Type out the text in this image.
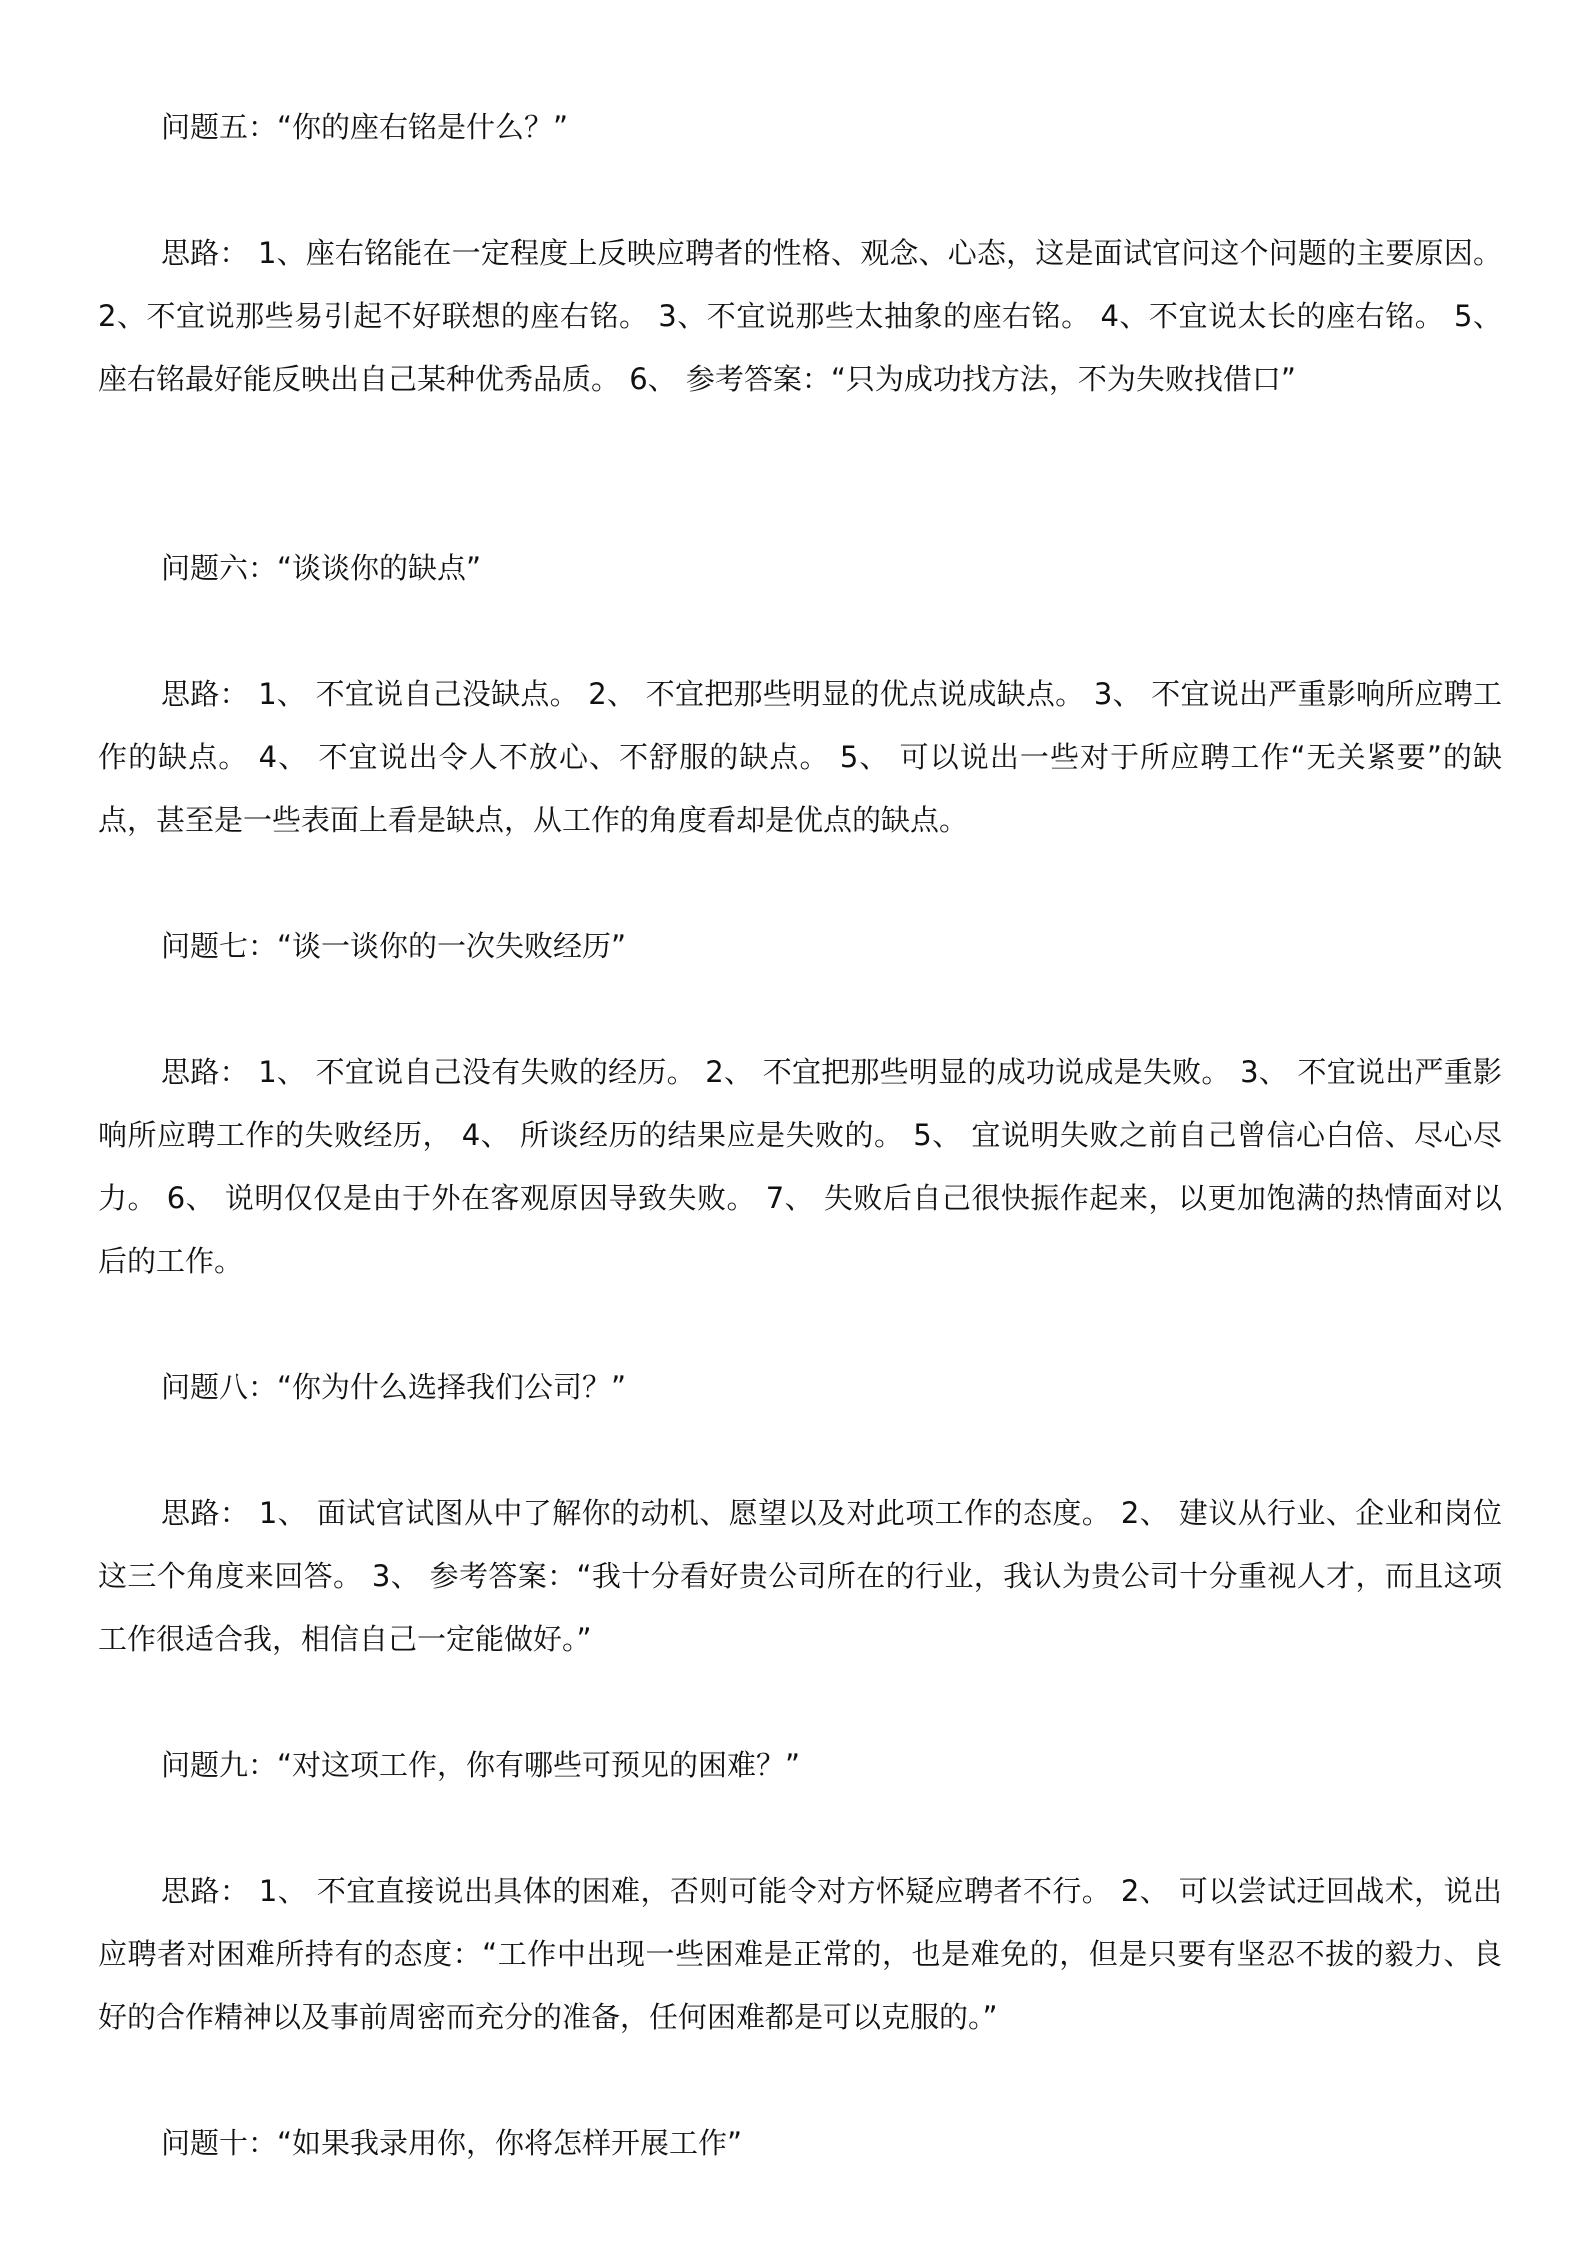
问题五：“你的座右铭是什么？”

思路： 1、座右铭能在一定程度上反映应聘者的性格、观念、心态，这是面试官问这个问题的主要原因。 2、不宜说那些易引起不好联想的座右铭。 3、不宜说那些太抽象的座右铭。 4、不宜说太长的座右铭。 5、座右铭最好能反映出自己某种优秀品质。 6、 参考答案：“只为成功找方法，不为失败找借口”

问题六：“谈谈你的缺点”

思路： 1、 不宜说自己没缺点。 2、 不宜把那些明显的优点说成缺点。 3、 不宜说出严重影响所应聘工作的缺点。 4、 不宜说出令人不放心、不舒服的缺点。 5、 可以说出一些对于所应聘工作“无关紧要”的缺点，甚至是一些表面上看是缺点，从工作的角度看却是优点的缺点。

问题七：“谈一谈你的一次失败经历”

思路： 1、 不宜说自己没有失败的经历。 2、 不宜把那些明显的成功说成是失败。 3、 不宜说出严重影响所应聘工作的失败经历， 4、 所谈经历的结果应是失败的。 5、 宜说明失败之前自己曾信心白倍、尽心尽力。 6、 说明仅仅是由于外在客观原因导致失败。 7、 失败后自己很快振作起来，以更加饱满的热情面对以后的工作。

问题八：“你为什么选择我们公司？”

思路： 1、 面试官试图从中了解你的动机、愿望以及对此项工作的态度。 2、 建议从行业、企业和岗位这三个角度来回答。 3、 参考答案：“我十分看好贵公司所在的行业，我认为贵公司十分重视人才，而且这项工作很适合我，相信自己一定能做好。”

问题九：“对这项工作，你有哪些可预见的困难？”

思路： 1、 不宜直接说出具体的困难，否则可能令对方怀疑应聘者不行。 2、 可以尝试迂回战术，说出应聘者对困难所持有的态度：“工作中出现一些困难是正常的，也是难免的，但是只要有坚忍不拔的毅力、良好的合作精神以及事前周密而充分的准备，任何困难都是可以克服的。”

问题十：“如果我录用你，你将怎样开展工作”
